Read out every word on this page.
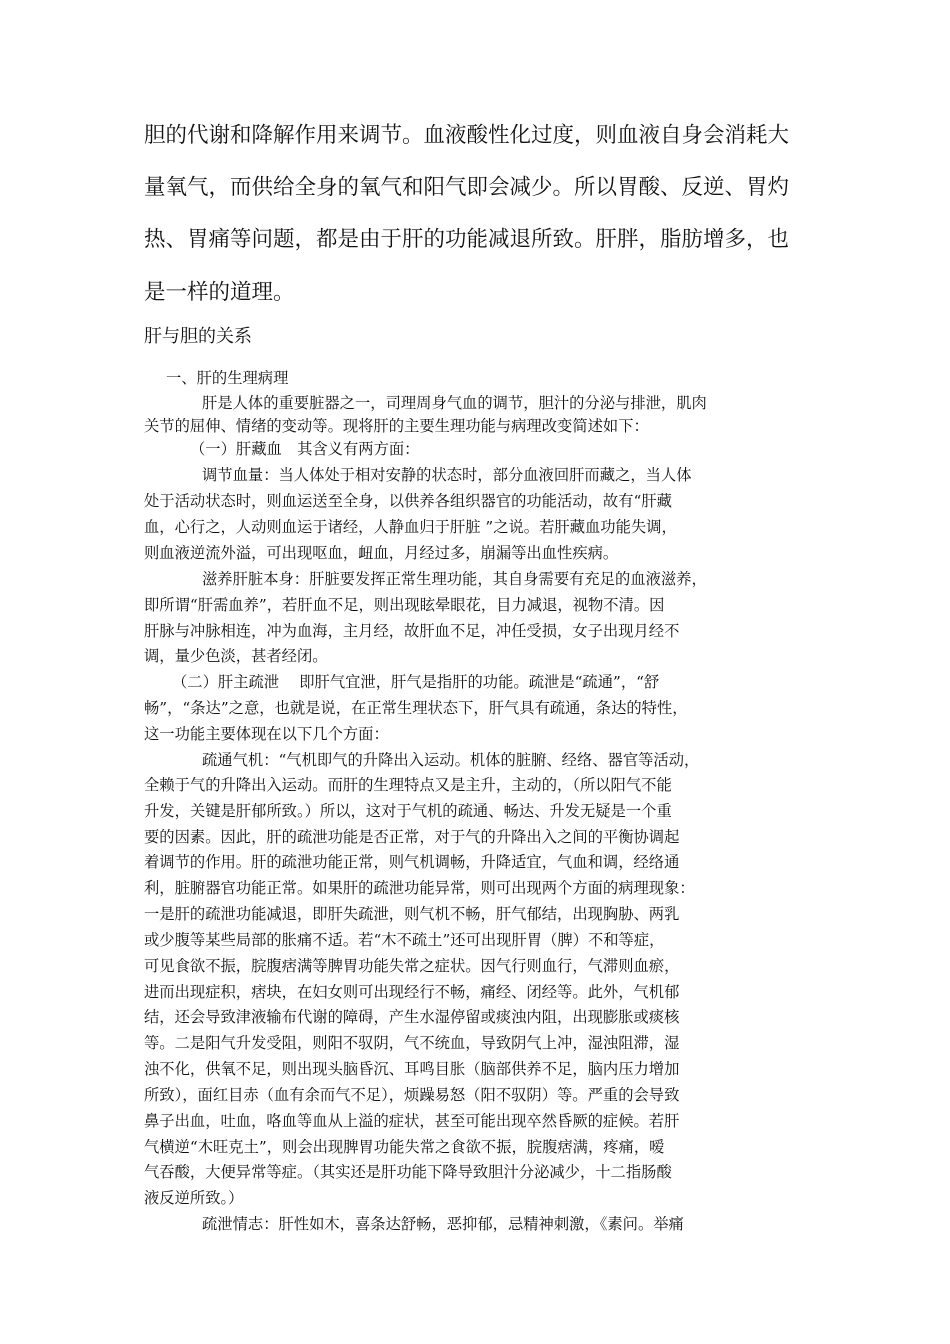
胆的代谢和降解作用来调节。血液酸性化过度，则血液自身会消耗大
量氧气，而供给全身的氧气和阳气即会减少。所以胃酸、反逆、胃灼
热、胃痛等问题，都是由于肝的功能减退所致。肝胖，脂肪增多，也
是一样的道理。
肝与胆的关系
一、肝的生理病理
肝是人体的重要脏器之一，司理周身气血的调节，胆汁的分泌与排泄，肌肉
关节的屈伸、情绪的变动等。现将肝的主要生理功能与病理改变简述如下：
（一）肝藏血　其含义有两方面：
调节血量：当人体处于相对安静的状态时，部分血液回肝而藏之，当人体
处于活动状态时，则血运送至全身，以供养各组织器官的功能活动，故有“肝藏
血，心行之，人动则血运于诸经，人静血归于肝脏 ”之说。若肝藏血功能失调，
则血液逆流外溢，可出现呕血，衄血，月经过多，崩漏等出血性疾病。
滋养肝脏本身：肝脏要发挥正常生理功能，其自身需要有充足的血液滋养，
即所谓“肝需血养”，若肝血不足，则出现眩晕眼花，目力减退，视物不清。因
肝脉与冲脉相连，冲为血海，主月经，故肝血不足，冲任受损，女子出现月经不
调，量少色淡，甚者经闭。
（二）肝主疏泄　 即肝气宜泄，肝气是指肝的功能。疏泄是“疏通”，“舒
畅”，“条达”之意，也就是说，在正常生理状态下，肝气具有疏通，条达的特性，
这一功能主要体现在以下几个方面：
疏通气机：“气机即气的升降出入运动。机体的脏腑、经络、器官等活动，
全赖于气的升降出入运动。而肝的生理特点又是主升，主动的，（所以阳气不能
升发，关键是肝郁所致。）所以，这对于气机的疏通、畅达、升发无疑是一个重
要的因素。因此，肝的疏泄功能是否正常，对于气的升降出入之间的平衡协调起
着调节的作用。肝的疏泄功能正常，则气机调畅，升降适宜，气血和调，经络通
利，脏腑器官功能正常。如果肝的疏泄功能异常，则可出现两个方面的病理现象：
一是肝的疏泄功能减退，即肝失疏泄，则气机不畅，肝气郁结，出现胸胁、两乳
或少腹等某些局部的胀痛不适。若“木不疏土”还可出现肝胃（脾）不和等症，
可见食欲不振，脘腹痞满等脾胃功能失常之症状。因气行则血行，气滞则血瘀，
进而出现症积，痞块，在妇女则可出现经行不畅，痛经、闭经等。此外，气机郁
结，还会导致津液输布代谢的障碍，产生水湿停留或痰浊内阻，出现膨胀或痰核
等。二是阳气升发受阻，则阳不驭阴，气不统血，导致阴气上冲，湿浊阻滞，湿
浊不化，供氧不足，则出现头脑昏沉、耳鸣目胀（脑部供养不足，脑内压力增加
所致），面红目赤（血有余而气不足），烦躁易怒（阳不驭阴）等。严重的会导致
鼻子出血，吐血，咯血等血从上溢的症状，甚至可能出现卒然昏厥的症候。若肝
气横逆“木旺克土”，则会出现脾胃功能失常之食欲不振，脘腹痞满，疼痛，嗳
气吞酸，大便异常等症。（其实还是肝功能下降导致胆汁分泌减少，十二指肠酸
液反逆所致。）
疏泄情志：肝性如木，喜条达舒畅，恶抑郁，忌精神刺激，《素问。举痛
